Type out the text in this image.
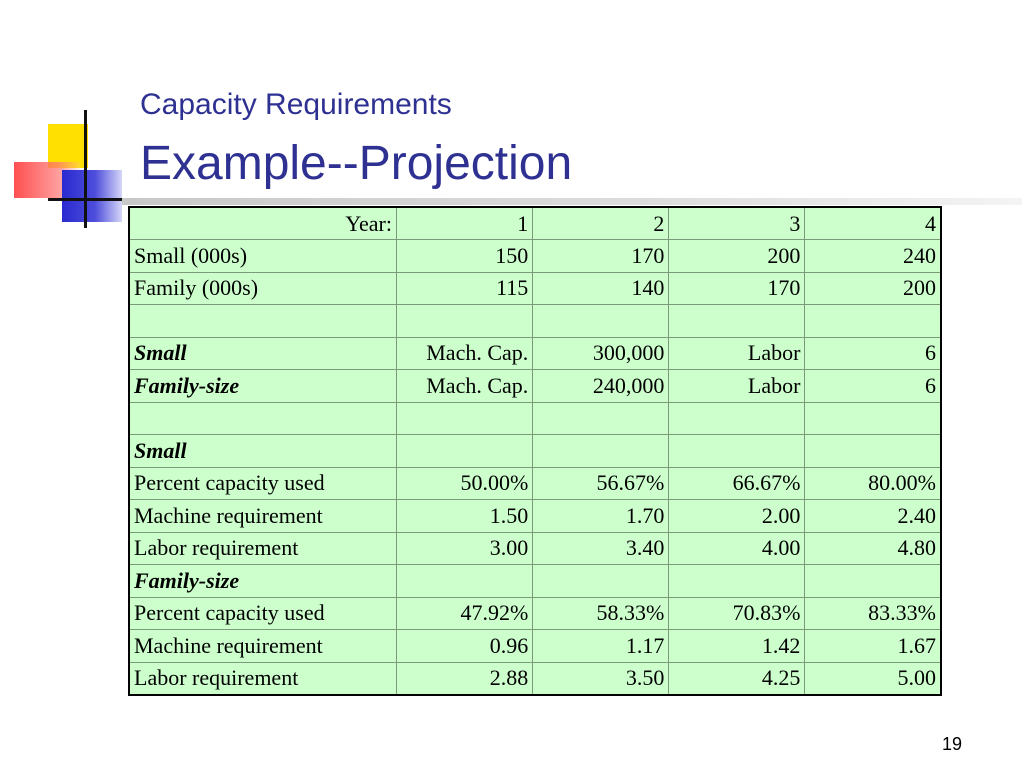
Capacity Requirements
Example--Projection
Year:	1	2	3	4
Small (000s)	150	170	200	240
Family (000s)	115	140	170	200

Small	Mach. Cap.	300,000	Labor	6
Family-size	Mach. Cap.	240,000	Labor	6

Small				
Percent capacity used	50.00%	56.67%	66.67%	80.00%
Machine requirement	1.50	1.70	2.00	2.40
Labor requirement	3.00	3.40	4.00	4.80
Family-size				
Percent capacity used	47.92%	58.33%	70.83%	83.33%
Machine requirement	0.96	1.17	1.42	1.67
Labor requirement	2.88	3.50	4.25	5.00
19
